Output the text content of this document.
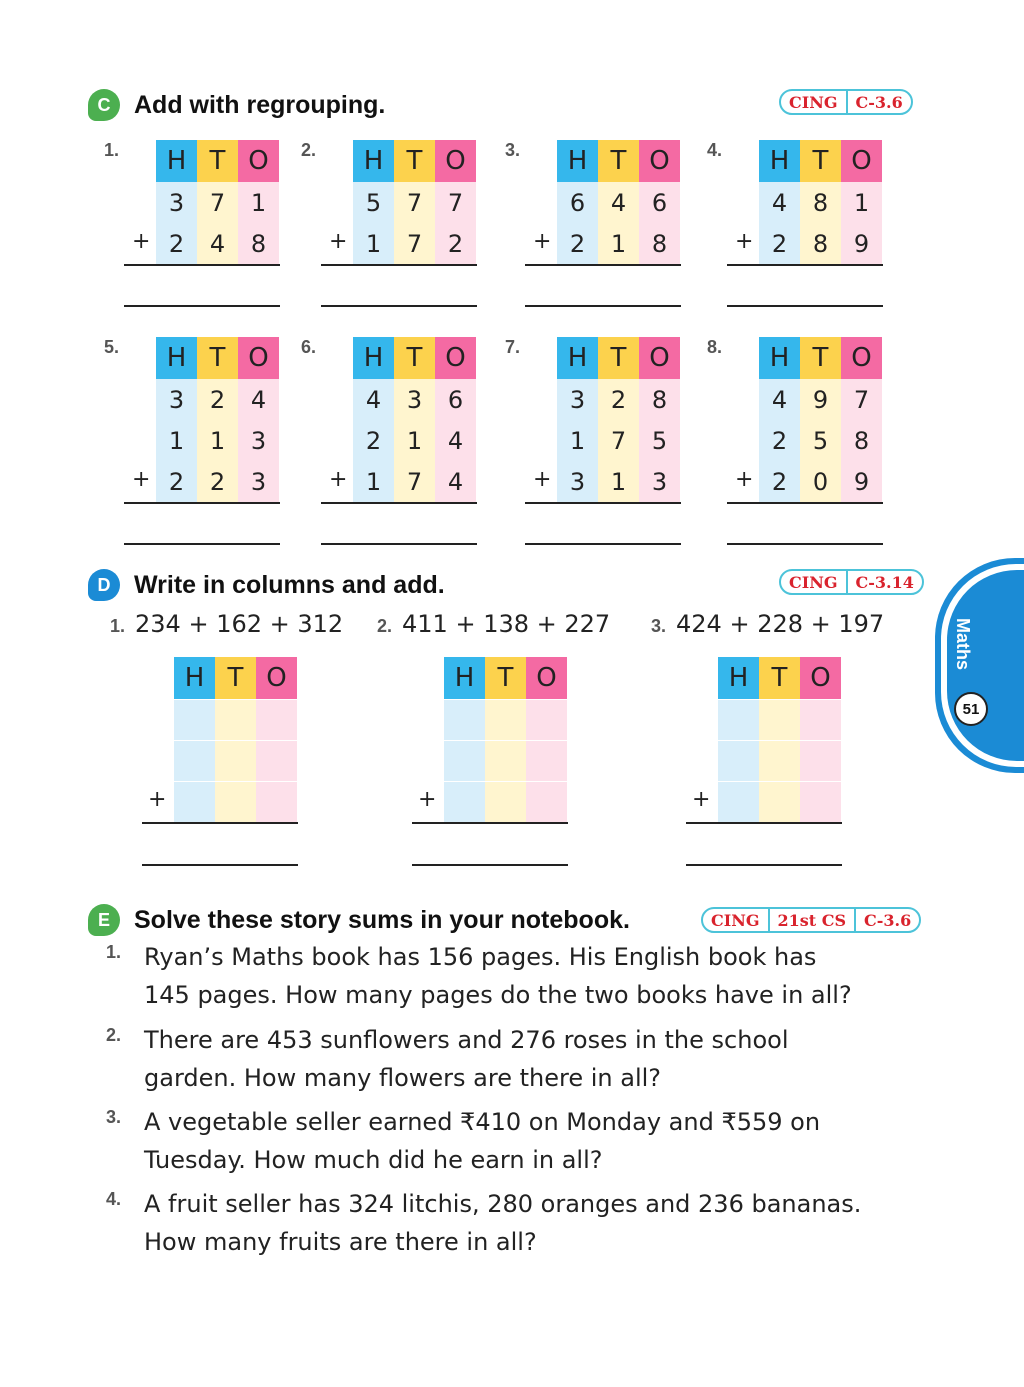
C Add with regrouping.	CING	C-3.6
1.	H T O
3	7	1
2	4	8
+
2.	H T O
5	7	7
1	7	2
+
3.	H T O
6	4	6
2	1	8
+
4.	H T O
4	8	1
2	8	9
+
5.	H T O
3	2	4
1	1	3
2	2	3
+
6.	H T O
4	3	6
2	1	4
1	7	4
+
7.	H T O
3	2	8
1	7	5
3	1	3
+
8.	H T O
4	9	7
2	5	8
2	0	9
+
D Write in columns and add.	CING	C-3.14
1. 234 + 162 + 312
H T O
+
2. 411 + 138 + 227
H T O
+
3. 424 + 228 + 197
H T O
+
E Solve these story sums in your notebook.	CING	21st CS	C-3.6
1. Ryan’s Maths book has 156 pages. His English book has
145 pages. How many pages do the two books have in all?
2. There are 453 sunflowers and 276 roses in the school
garden. How many flowers are there in all?
3. A vegetable seller earned ₹410 on Monday and ₹559 on
Tuesday. How much did he earn in all?
4. A fruit seller has 324 litchis, 280 oranges and 236 bananas.
How many fruits are there in all?
Maths
51
